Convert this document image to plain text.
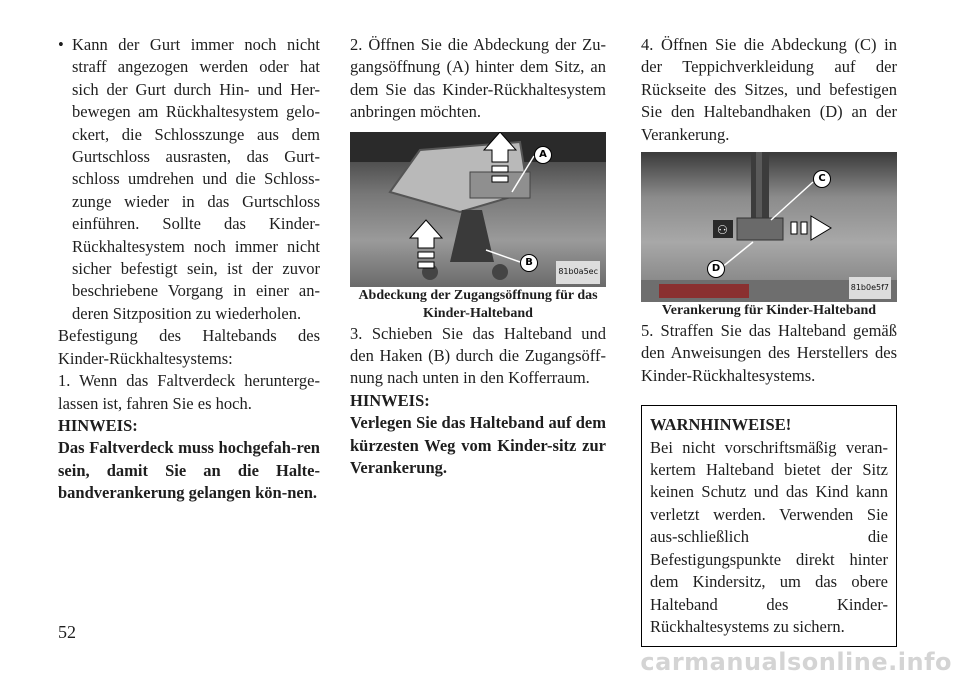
• Kann der Gurt immer noch nicht straff angezogen werden oder hat sich der Gurt durch Hin- und Her-bewegen am Rückhaltesystem gelo-ckert, die Schlosszunge aus dem Gurtschloss ausrasten, das Gurt-schloss umdrehen und die Schloss-zunge wieder in das Gurtschloss einführen. Sollte das Kinder-Rückhaltesystem noch immer nicht sicher befestigt sein, ist der zuvor beschriebene Vorgang in einer an-deren Sitzposition zu wiederholen.

Befestigung des Haltebands des Kinder-Rückhaltesystems:

1. Wenn das Faltverdeck herunterge-lassen ist, fahren Sie es hoch.

HINWEIS:

Das Faltverdeck muss hochgefah-ren sein, damit Sie an die Halte-bandverankerung gelangen kön-nen.

2. Öffnen Sie die Abdeckung der Zu-gangsöffnung (A) hinter dem Sitz, an dem Sie das Kinder-Rückhaltesystem anbringen möchten.

A
B
81b0a5ec

Abdeckung der Zugangsöffnung für das Kinder-Halteband

3. Schieben Sie das Halteband und den Haken (B) durch die Zugangsöff-nung nach unten in den Kofferraum.

HINWEIS:

Verlegen Sie das Halteband auf dem kürzesten Weg vom Kinder-sitz zur Verankerung.

4. Öffnen Sie die Abdeckung (C) in der Teppichverkleidung auf der Rückseite des Sitzes, und befestigen Sie den Haltebandhaken (D) an der Verankerung.

⚇
C
D
81b0e5f7

Verankerung für Kinder-Halteband

5. Straffen Sie das Halteband gemäß den Anweisungen des Herstellers des Kinder-Rückhaltesystems.

WARNHINWEISE!

Bei nicht vorschriftsmäßig veran-kertem Halteband bietet der Sitz keinen Schutz und das Kind kann verletzt werden. Verwenden Sie aus-schließlich die Befestigungspunkte direkt hinter dem Kindersitz, um das obere Halteband des Kinder-Rückhaltesystems zu sichern.

52
carmanualsonline.info
